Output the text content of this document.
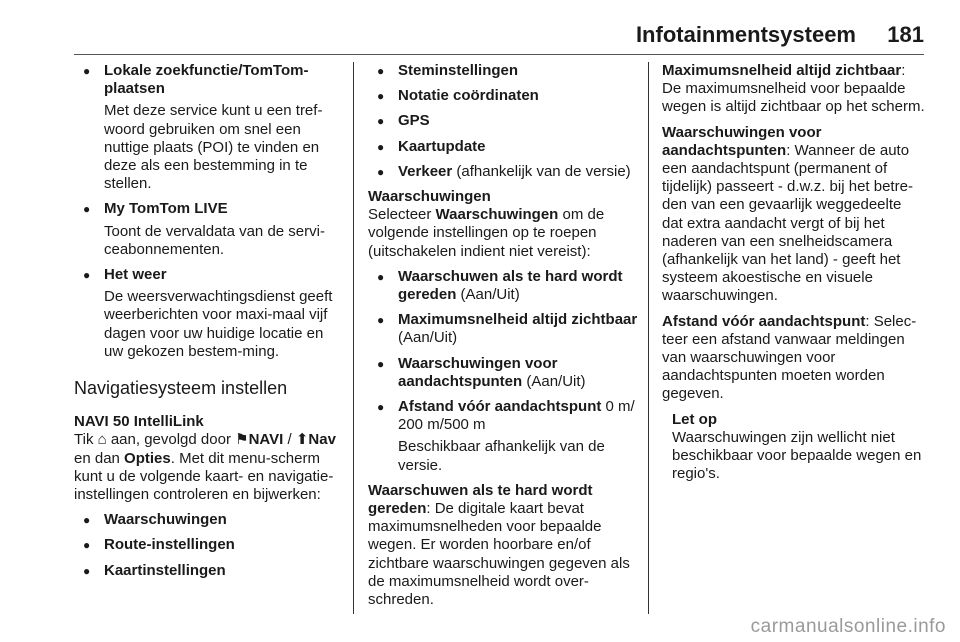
Infotainmentsysteem 181
● Lokale zoekfunctie/TomTom-plaatsen
Met deze service kunt u een tref-woord gebruiken om snel een nuttige plaats (POI) te vinden en deze als een bestemming in te stellen.
● My TomTom LIVE
Toont de vervaldata van de servi-ceabonnementen.
● Het weer
De weersverwachtingsdienst geeft weerberichten voor maxi-maal vijf dagen voor uw huidige locatie en uw gekozen bestem-ming.
Navigatiesysteem instellen
NAVI 50 IntelliLink

Tik ⌂ aan, gevolgd door ⚑NAVI / ⬆Nav en dan Opties. Met dit menu-scherm kunt u de volgende kaart- en navigatie-instellingen controleren en bijwerken:

● Waarschuwingen
● Route-instellingen
● Kaartinstellingen
● Steminstellingen
● Notatie coördinaten
● GPS
● Kaartupdate
● Verkeer (afhankelijk van de versie)
Waarschuwingen

Selecteer Waarschuwingen om de volgende instellingen op te roepen (uitschakelen indient niet vereist):

● Waarschuwen als te hard wordt gereden (Aan/Uit)
● Maximumsnelheid altijd zichtbaar (Aan/Uit)
● Waarschuwingen voor aandachtspunten (Aan/Uit)
● Afstand vóór aandachtspunt 0 m/ 200 m/500 m
Beschikbaar afhankelijk van de versie.

Waarschuwen als te hard wordt gereden: De digitale kaart bevat maximumsnelheden voor bepaalde wegen. Er worden hoorbare en/of zichtbare waarschuwingen gegeven als de maximumsnelheid wordt over-schreden.

Maximumsnelheid altijd zichtbaar: De maximumsnelheid voor bepaalde wegen is altijd zichtbaar op het scherm.

Waarschuwingen voor aandachtspunten: Wanneer de auto een aandachtspunt (permanent of tijdelijk) passeert - d.w.z. bij het betre-den van een gevaarlijk weggedeelte dat extra aandacht vergt of bij het naderen van een snelheidscamera (afhankelijk van het land) - geeft het systeem akoestische en visuele waarschuwingen.

Afstand vóór aandachtspunt: Selec-teer een afstand vanwaar meldingen van waarschuwingen voor aandachtspunten moeten worden gegeven.

Let op
Waarschuwingen zijn wellicht niet beschikbaar voor bepaalde wegen en regio's.
carmanualsonline.info
